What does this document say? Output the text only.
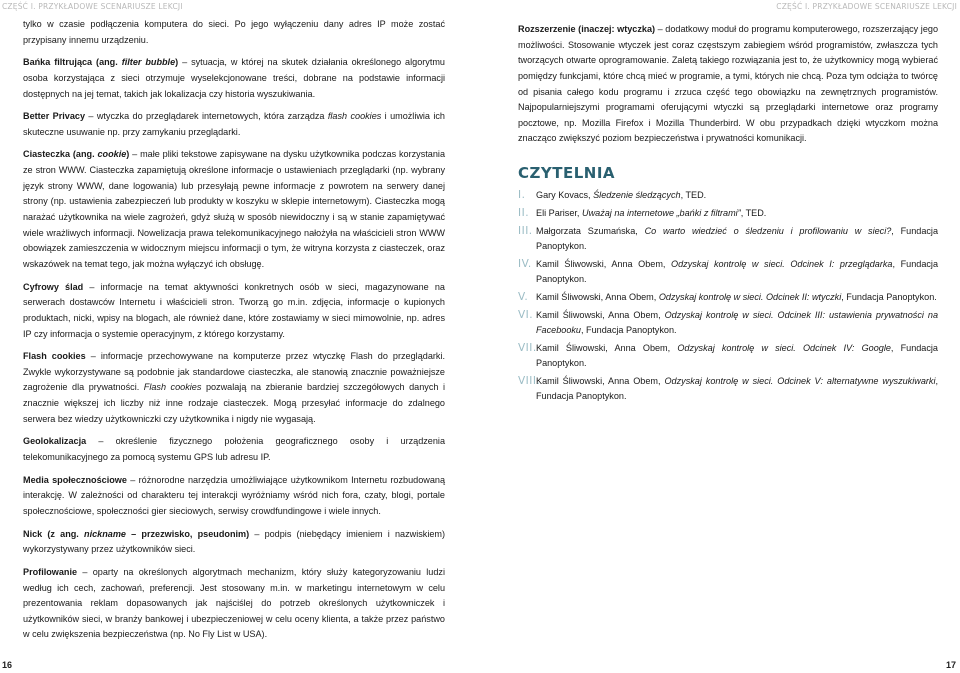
CZĘŚĆ I. PRZYKŁADOWE SCENARIUSZE LEKCJI

tylko w czasie podłączenia komputera do sieci. Po jego wyłączeniu dany adres IP może zostać przypisany innemu urządzeniu.

Bańka filtrująca (ang. filter bubble) – sytuacja, w której na skutek działania określonego algorytmu osoba korzystająca z sieci otrzymuje wyselekcjonowane treści, dobrane na podstawie informacji dostępnych na jej temat, takich jak lokalizacja czy historia wyszukiwania.

Better Privacy – wtyczka do przeglądarek internetowych, która zarządza flash cookies i umożliwia ich skuteczne usuwanie np. przy zamykaniu przeglądarki.

Ciasteczka (ang. cookie) – małe pliki tekstowe zapisywane na dysku użytkownika podczas korzystania ze stron WWW. Ciasteczka zapamiętują określone informacje o ustawieniach przeglądarki (np. wybrany język strony WWW, dane logowania) lub przesyłają pewne informacje z powrotem na serwery danej strony (np. ustawienia zabezpieczeń lub produkty w koszyku w sklepie internetowym). Ciasteczka mogą narażać użytkownika na wiele zagrożeń, gdyż służą w sposób niewidoczny i są w stanie zapamiętywać wiele wrażliwych informacji. Nowelizacja prawa telekomunikacyjnego nałożyła na właścicieli stron WWW obowiązek zamieszczenia w widocznym miejscu informacji o tym, że witryna korzysta z ciasteczek, oraz wskazówek na temat tego, jak można wyłączyć ich obsługę.

Cyfrowy ślad – informacje na temat aktywności konkretnych osób w sieci, magazynowane na serwerach dostawców Internetu i właścicieli stron. Tworzą go m.in. zdjęcia, informacje o kupionych produktach, nicki, wpisy na blogach, ale również dane, które zostawiamy w sieci mimowolnie, np. adres IP czy informacja o systemie operacyjnym, z którego korzystamy.

Flash cookies – informacje przechowywane na komputerze przez wtyczkę Flash do przeglądarki. Zwykle wykorzystywane są podobnie jak standardowe ciasteczka, ale stanowią znacznie poważniejsze zagrożenie dla prywatności. Flash cookies pozwalają na zbieranie bardziej szczegółowych danych i znacznie większej ich liczby niż inne rodzaje ciasteczek. Mogą przesyłać informacje do zdalnego serwera bez wiedzy użytkowniczki czy użytkownika i nigdy nie wygasają.

Geolokalizacja – określenie fizycznego położenia geograficznego osoby i urządzenia telekomunikacyjnego za pomocą systemu GPS lub adresu IP.

Media społecznościowe – różnorodne narzędzia umożliwiające użytkownikom Internetu rozbudowaną interakcję. W zależności od charakteru tej interakcji wyróżniamy wśród nich fora, czaty, blogi, portale społecznościowe, społeczności gier sieciowych, serwisy crowdfundingowe i wiele innych.

Nick (z ang. nickname – przezwisko, pseudonim) – podpis (niebędący imieniem i nazwiskiem) wykorzystywany przez użytkowników sieci.

Profilowanie – oparty na określonych algorytmach mechanizm, który służy kategoryzowaniu ludzi według ich cech, zachowań, preferencji. Jest stosowany m.in. w marketingu internetowym w celu prezentowania reklam dopasowanych jak najściślej do potrzeb określonych użytkowniczek i użytkowników sieci, w branży bankowej i ubezpieczeniowej w celu oceny klienta, a także przez państwo w celu zwiększenia bezpieczeństwa (np. No Fly List w USA).

16
CZĘŚĆ I. PRZYKŁADOWE SCENARIUSZE LEKCJI

Rozszerzenie (inaczej: wtyczka) – dodatkowy moduł do programu komputerowego, rozszerzający jego możliwości. Stosowanie wtyczek jest coraz częstszym zabiegiem wśród programistów, zwłaszcza tych tworzących otwarte oprogramowanie. Zaletą takiego rozwiązania jest to, że użytkownicy mogą wybierać pomiędzy funkcjami, które chcą mieć w programie, a tymi, których nie chcą. Poza tym odciąża to twórcę od pisania całego kodu programu i zrzuca część tego obowiązku na zewnętrznych programistów. Najpopularniejszymi programami oferującymi wtyczki są przeglądarki internetowe oraz programy pocztowe, np. Mozilla Firefox i Mozilla Thunderbird. W obu przypadkach dzięki wtyczkom można znacząco zwiększyć poziom bezpieczeństwa i prywatności komunikacji.

CZYTELNIA
I. Gary Kovacs, Śledzenie śledzących, TED.
II. Eli Pariser, Uważaj na internetowe „bańki z filtrami”, TED.
III. Małgorzata Szumańska, Co warto wiedzieć o śledzeniu i profilowaniu w sieci?, Fundacja Panoptykon.
IV. Kamil Śliwowski, Anna Obem, Odzyskaj kontrolę w sieci. Odcinek I: przeglądarka, Fundacja Panoptykon.
V. Kamil Śliwowski, Anna Obem, Odzyskaj kontrolę w sieci. Odcinek II: wtyczki, Fundacja Panoptykon.
VI. Kamil Śliwowski, Anna Obem, Odzyskaj kontrolę w sieci. Odcinek III: ustawienia prywatności na Facebooku, Fundacja Panoptykon.
VII. Kamil Śliwowski, Anna Obem, Odzyskaj kontrolę w sieci. Odcinek IV: Google, Fundacja Panoptykon.
VIII.
Kamil Śliwowski, Anna Obem, Odzyskaj kontrolę w sieci. Odcinek V: alternatywne wyszukiwarki, Fundacja Panoptykon.
17
